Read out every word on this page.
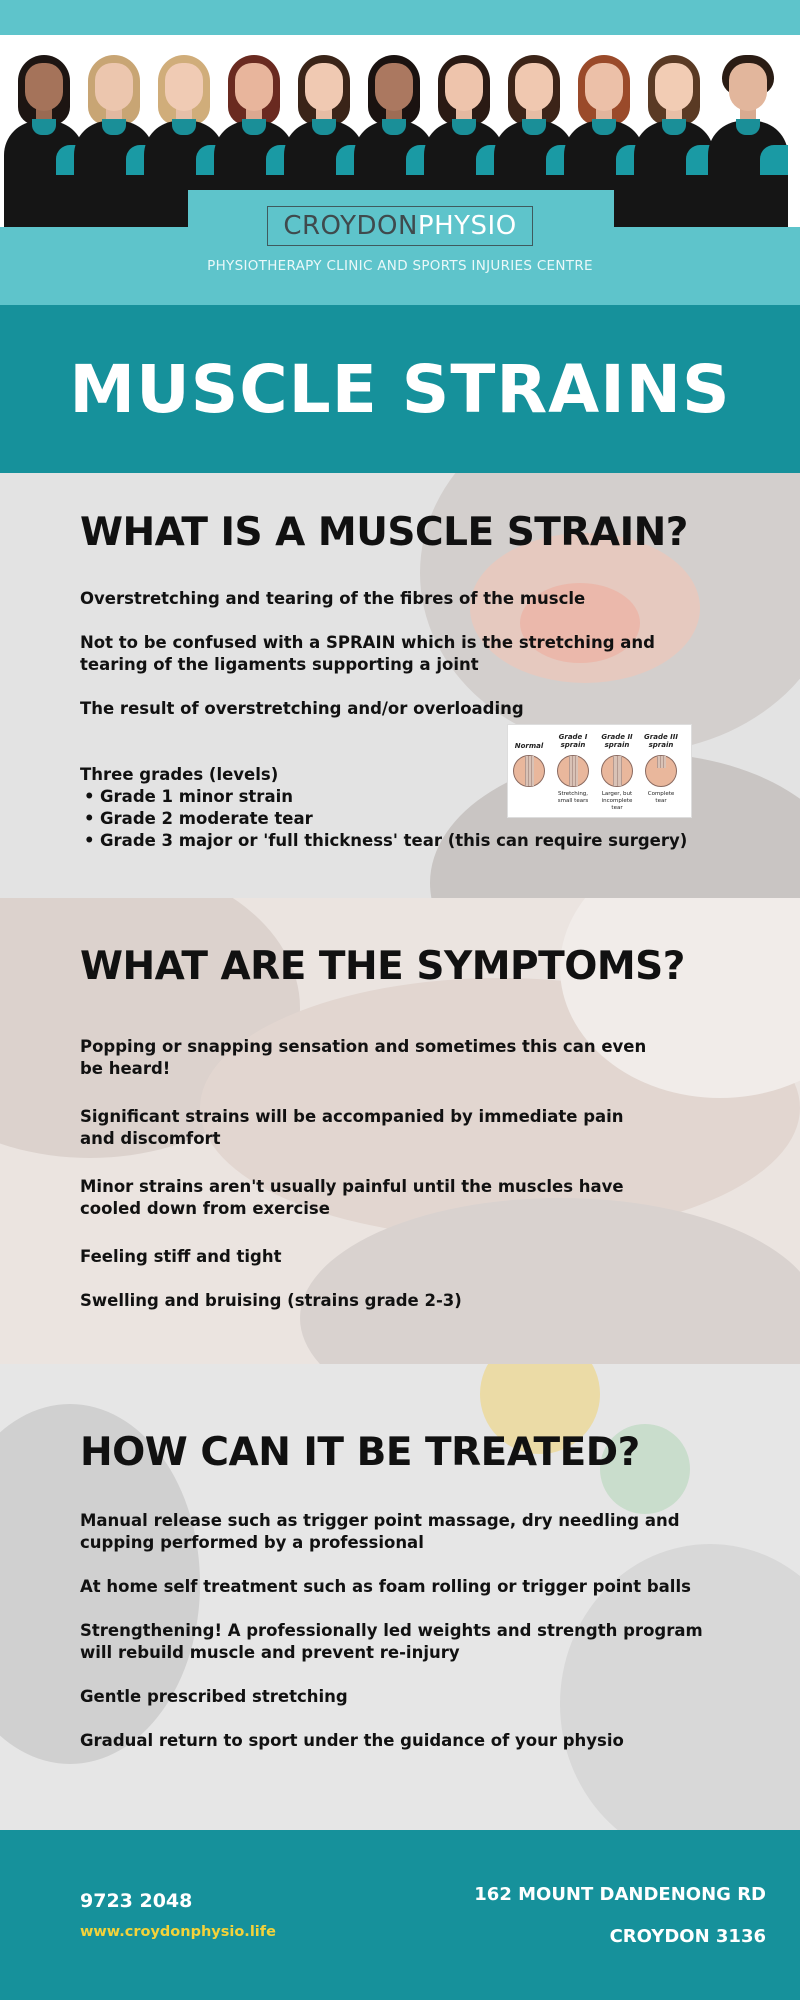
CROYDON PHYSIO
PHYSIOTHERAPY CLINIC AND SPORTS INJURIES CENTRE
MUSCLE STRAINS
WHAT IS A MUSCLE STRAIN?

Overstretching and tearing of the fibres of the muscle

Not to be confused with a SPRAIN which is the stretching and tearing of the ligaments supporting a joint

The result of overstretching and/or overloading

Three grades (levels)

• Grade 1 minor strain
• Grade 2 moderate tear
• Grade 3 major or 'full thickness' tear (this can require surgery)
Normal
Grade I sprain
Grade II sprain
Grade III sprain
Stretching, small tears
Larger, but incomplete tear
Complete tear
WHAT ARE THE SYMPTOMS?

Popping or snapping sensation and sometimes this can even be heard!

Significant strains will be accompanied by immediate pain and discomfort

Minor strains aren't usually painful until the muscles have cooled down from exercise

Feeling stiff and tight

Swelling and bruising (strains grade 2-3)

HOW CAN IT BE TREATED?

Manual release such as trigger point massage, dry needling and cupping performed by a professional

At home self treatment such as foam rolling or trigger point balls

Strengthening! A professionally led weights and strength program will rebuild muscle and prevent re-injury

Gentle prescribed stretching

Gradual return to sport under the guidance of your physio

9723 2048
www.croydonphysio.life
162 MOUNT DANDENONG RD
CROYDON 3136
